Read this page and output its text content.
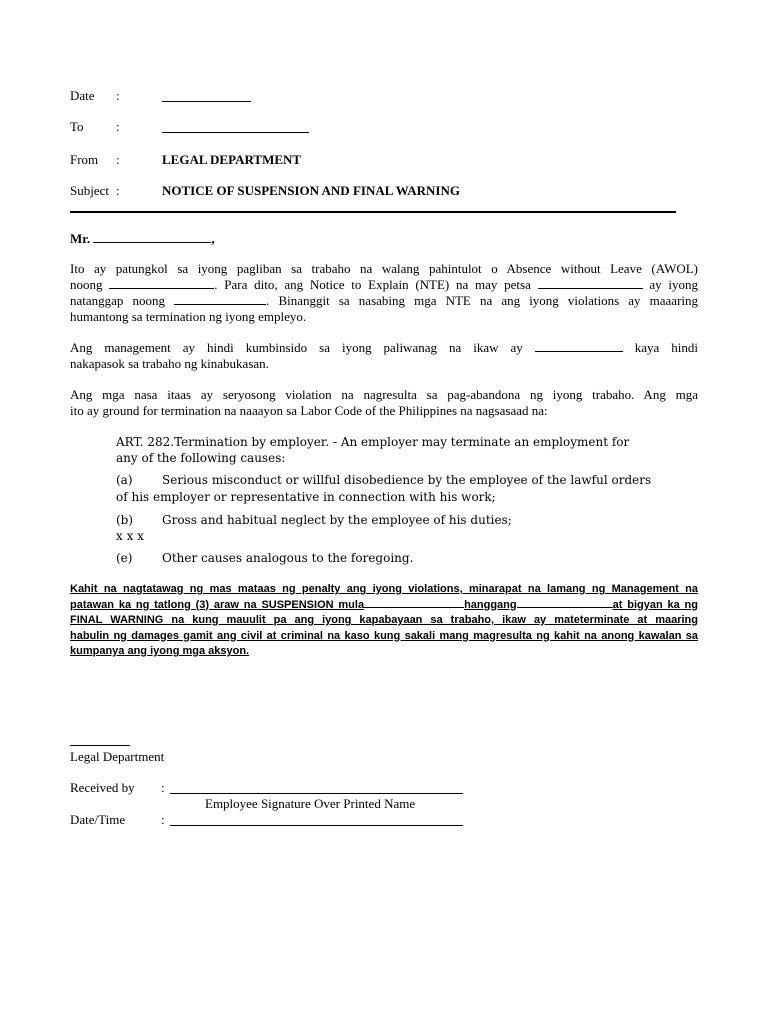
Date :
To :
From :	LEGAL DEPARTMENT
Subject :	NOTICE OF SUSPENSION AND FINAL WARNING
Mr.	,
Ito ay patungkol sa iyong pagliban sa trabaho na walang pahintulot o Absence without Leave (AWOL)
noong	. Para dito, ang Notice to Explain (NTE) na may petsa	ay iyong
natanggap noong	. Binanggit sa nasabing mga NTE na ang iyong violations ay maaaring
humantong sa termination ng iyong empleyo.
Ang management ay hindi kumbinsido sa iyong paliwanag na ikaw ay	kaya hindi
nakapasok sa trabaho ng kinabukasan.
Ang mga nasa itaas ay seryosong violation na nagresulta sa pag-abandona ng iyong trabaho. Ang mga
ito ay ground for termination na naaayon sa Labor Code of the Philippines na nagsasaad na:
ART. 282.Termination by employer. - An employer may terminate an employment for
any of the following causes:
(a) Serious misconduct or willful disobedience by the employee of the lawful orders
of his employer or representative in connection with his work;
(b) Gross and habitual neglect by the employee of his duties;
x x x
(e) Other causes analogous to the foregoing.
Kahit na nagtatawag ng mas mataas ng penalty ang iyong violations, minarapat na lamang ng Management na
patawan ka ng tatlong (3) araw na SUSPENSION mula	hanggang	at bigyan ka ng
FINAL WARNING na kung mauulit pa ang iyong kapabayaan sa trabaho, ikaw ay mateterminate at maaring
habulin ng damages gamit ang civil at criminal na kaso kung sakali mang magresulta ng kahit na anong kawalan sa
kumpanya ang iyong mga aksyon.
Legal Department
Received by :
Employee Signature Over Printed Name
Date/Time	:
